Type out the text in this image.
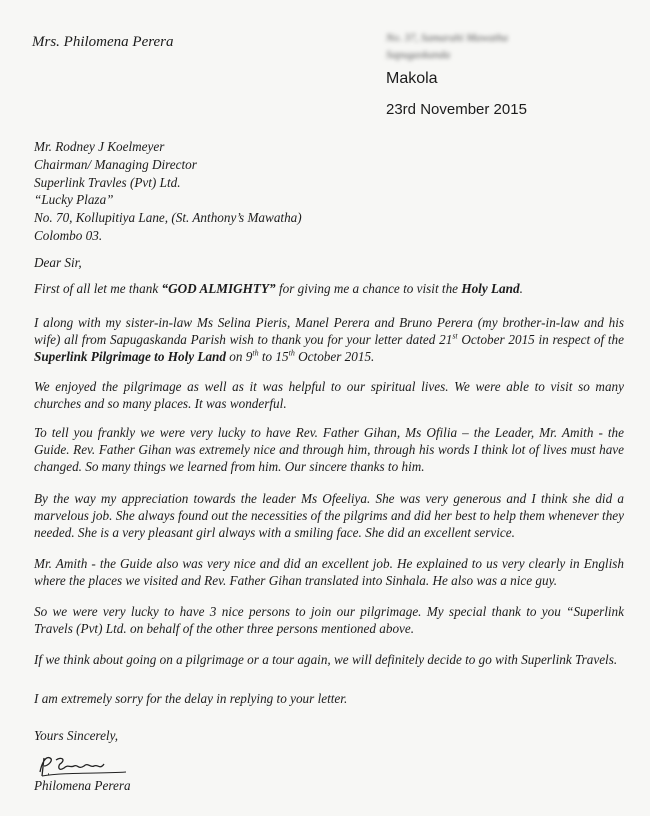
Mrs. Philomena Perera	No. 37, Samarahi Mawatha
Sapugaskanda
Makola
23rd November 2015
Mr. Rodney J Koelmeyer
Chairman/ Managing Director
Superlink Travles (Pvt) Ltd.
“Lucky Plaza”
No. 70, Kollupitiya Lane, (St. Anthony’s Mawatha)
Colombo 03.
Dear Sir,
First of all let me thank “GOD ALMIGHTY” for giving me a chance to visit the Holy Land.
I along with my sister-in-law Ms Selina Pieris, Manel Perera and Bruno Perera (my brother-in-law and his wife) all from Sapugaskanda Parish wish to thank you for your letter dated 21st October 2015 in respect of the Superlink Pilgrimage to Holy Land on 9th to 15th October 2015.
We enjoyed the pilgrimage as well as it was helpful to our spiritual lives. We were able to visit so many churches and so many places. It was wonderful.
To tell you frankly we were very lucky to have Rev. Father Gihan, Ms Ofilia – the Leader, Mr. Amith - the Guide. Rev. Father Gihan was extremely nice and through him, through his words I think lot of lives must have changed. So many things we learned from him. Our sincere thanks to him.
By the way my appreciation towards the leader Ms Ofeeliya. She was very generous and I think she did a marvelous job. She always found out the necessities of the pilgrims and did her best to help them whenever they needed. She is a very pleasant girl always with a smiling face. She did an excellent service.
Mr. Amith - the Guide also was very nice and did an excellent job. He explained to us very clearly in English where the places we visited and Rev. Father Gihan translated into Sinhala. He also was a nice guy.
So we were very lucky to have 3 nice persons to join our pilgrimage. My special thank to you “Superlink Travels (Pvt) Ltd. on behalf of the other three persons mentioned above.
If we think about going on a pilgrimage or a tour again, we will definitely decide to go with Superlink Travels.
I am extremely sorry for the delay in replying to your letter.
Yours Sincerely,
Philomena Perera
